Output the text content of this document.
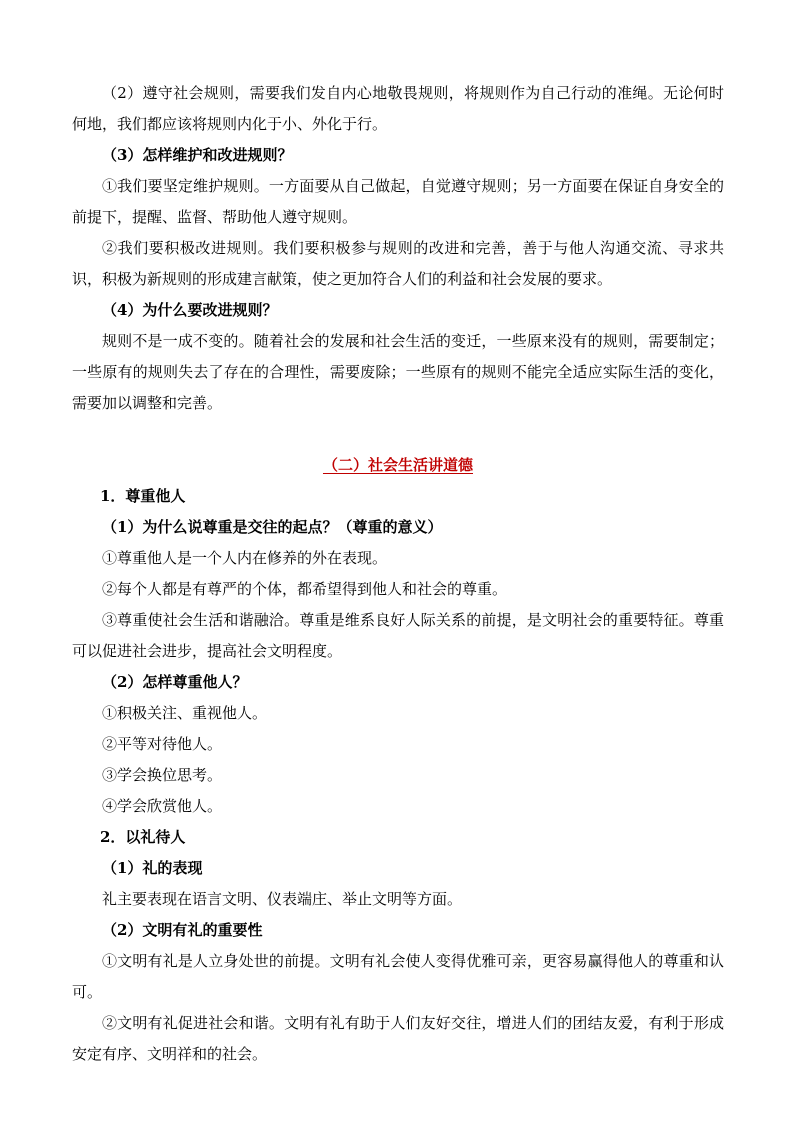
（2）遵守社会规则，需要我们发自内心地敬畏规则，将规则作为自己行动的准绳。无论何时何地，我们都应该将规则内化于小、外化于行。

（3）怎样维护和改进规则？

①我们要坚定维护规则。一方面要从自己做起，自觉遵守规则；另一方面要在保证自身安全的前提下，提醒、监督、帮助他人遵守规则。

②我们要积极改进规则。我们要积极参与规则的改进和完善，善于与他人沟通交流、寻求共识，积极为新规则的形成建言献策，使之更加符合人们的利益和社会发展的要求。

（4）为什么要改进规则？

规则不是一成不变的。随着社会的发展和社会生活的变迁，一些原来没有的规则，需要制定；一些原有的规则失去了存在的合理性，需要废除；一些原有的规则不能完全适应实际生活的变化，需要加以调整和完善。

（二）社会生活讲道德

1．尊重他人

（1）为什么说尊重是交往的起点？（尊重的意义）

①尊重他人是一个人内在修养的外在表现。

②每个人都是有尊严的个体，都希望得到他人和社会的尊重。

③尊重使社会生活和谐融洽。尊重是维系良好人际关系的前提，是文明社会的重要特征。尊重可以促进社会进步，提高社会文明程度。

（2）怎样尊重他人？

①积极关注、重视他人。

②平等对待他人。

③学会换位思考。

④学会欣赏他人。

2．以礼待人

（1）礼的表现

礼主要表现在语言文明、仪表端庄、举止文明等方面。

（2）文明有礼的重要性

①文明有礼是人立身处世的前提。文明有礼会使人变得优雅可亲，更容易赢得他人的尊重和认可。

②文明有礼促进社会和谐。文明有礼有助于人们友好交往，增进人们的团结友爱，有利于形成安定有序、文明祥和的社会。
